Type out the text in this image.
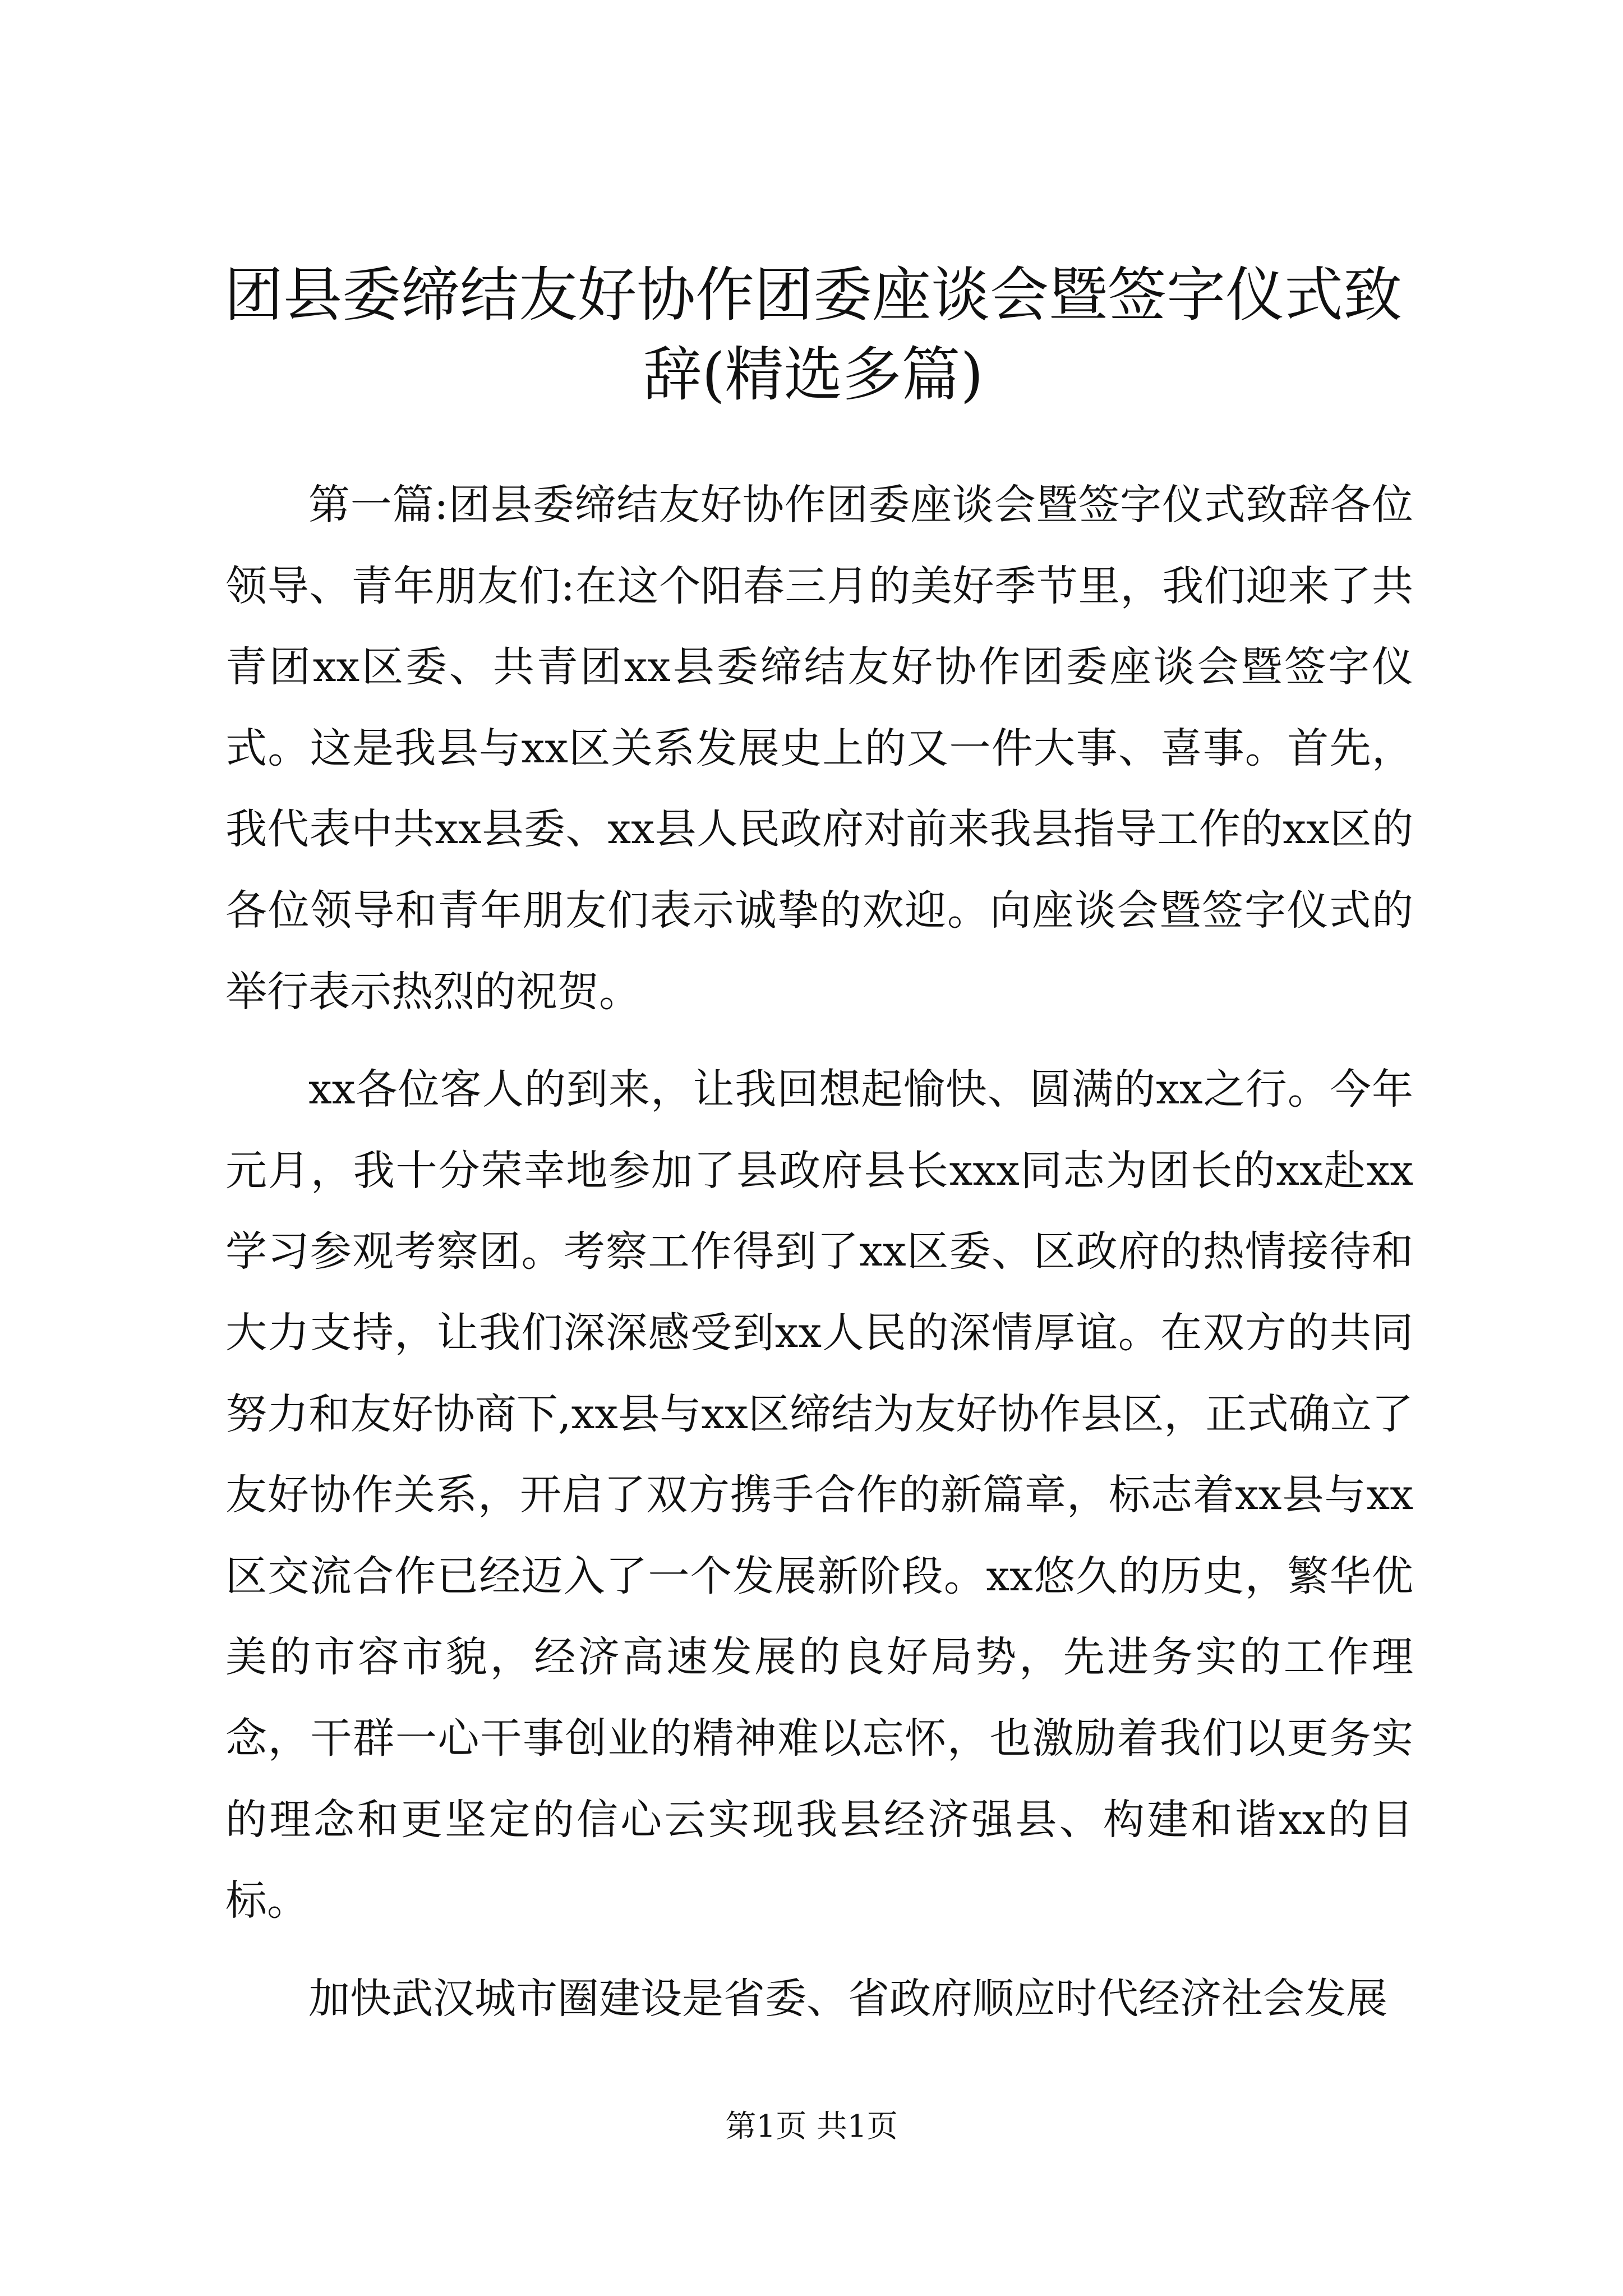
团县委缔结友好协作团委座谈会暨签字仪式致辞(精选多篇)

第一篇:团县委缔结友好协作团委座谈会暨签字仪式致辞各位领导、青年朋友们:在这个阳春三月的美好季节里，我们迎来了共青团xx区委、共青团xx县委缔结友好协作团委座谈会暨签字仪式。这是我县与xx区关系发展史上的又一件大事、喜事。首先，我代表中共xx县委、xx县人民政府对前来我县指导工作的xx区的各位领导和青年朋友们表示诚挚的欢迎。向座谈会暨签字仪式的举行表示热烈的祝贺。

xx各位客人的到来，让我回想起愉快、圆满的xx之行。今年元月，我十分荣幸地参加了县政府县长xxx同志为团长的xx赴xx学习参观考察团。考察工作得到了xx区委、区政府的热情接待和大力支持，让我们深深感受到xx人民的深情厚谊。在双方的共同努力和友好协商下,xx县与xx区缔结为友好协作县区，正式确立了友好协作关系，开启了双方携手合作的新篇章，标志着xx县与xx区交流合作已经迈入了一个发展新阶段。xx悠久的历史，繁华优美的市容市貌，经济高速发展的良好局势，先进务实的工作理念，干群一心干事创业的精神难以忘怀，也激励着我们以更务实的理念和更坚定的信心云实现我县经济强县、构建和谐xx的目标。

加快武汉城市圈建设是省委、省政府顺应时代经济社会发展

第1页 共1页
